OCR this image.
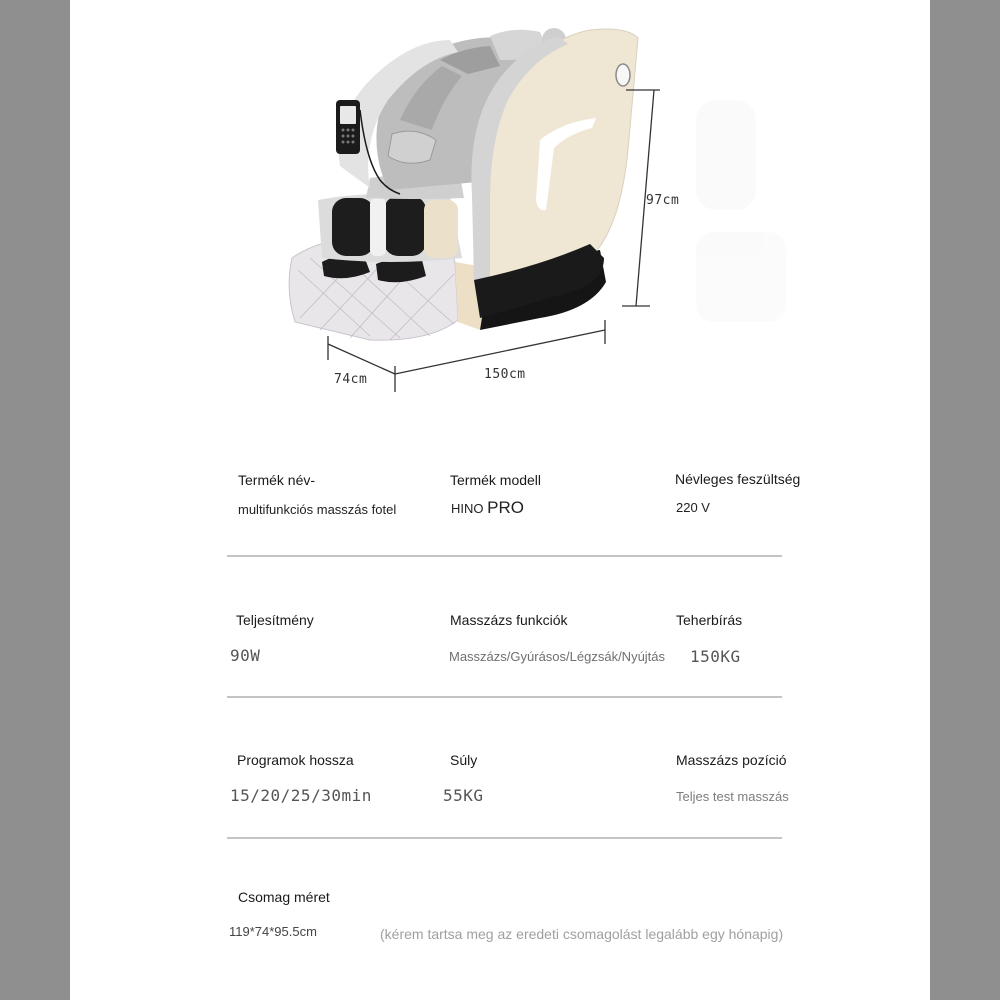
97cm
74cm	150cm
Termék név-
multifunkciós masszás fotel
Termék modell
HINO PRO
Névleges feszültség
220 V
Teljesítmény
90W
Masszázs funkciók
Masszázs/Gyúrásos/Légzsák/Nyújtás
Teherbírás
150KG
Programok hossza
15/20/25/30min
Súly
55KG
Masszázs pozíció
Teljes test masszás
Csomag méret
119*74*95.5cm	(kérem tartsa meg az eredeti csomagolást legalább egy hónapig)
